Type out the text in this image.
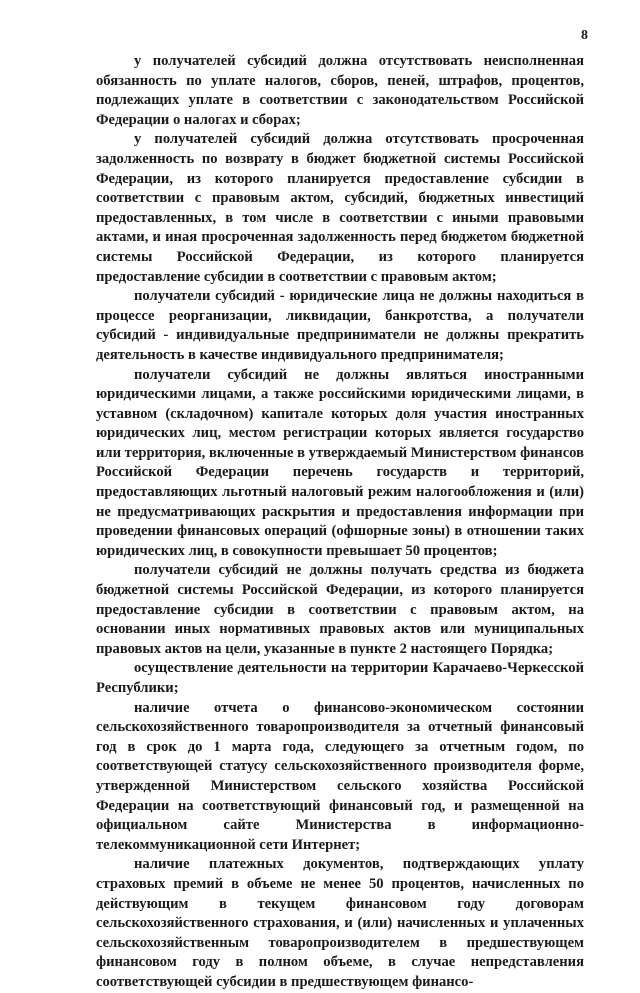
8

у получателей субсидий должна отсутствовать неисполненная обязанность по уплате налогов, сборов, пеней, штрафов, процентов, подлежащих уплате в соответствии с законодательством Российской Федерации о налогах и сборах;

у получателей субсидий должна отсутствовать просроченная задолженность по возврату в бюджет бюджетной системы Российской Федерации, из которого планируется предоставление субсидии в соответствии с правовым актом, субсидий, бюджетных инвестиций предоставленных, в том числе в соответствии с иными правовыми актами, и иная просроченная задолженность перед бюджетом бюджетной системы Российской Федерации, из которого планируется предоставление субсидии в соответствии с правовым актом;

получатели субсидий - юридические лица не должны находиться в процессе реорганизации, ликвидации, банкротства, а получатели субсидий - индивидуальные предприниматели не должны прекратить деятельность в качестве индивидуального предпринимателя;

получатели субсидий не должны являться иностранными юридическими лицами, а также российскими юридическими лицами, в уставном (складочном) капитале которых доля участия иностранных юридических лиц, местом регистрации которых является государство или территория, включенные в утверждаемый Министерством финансов Российской Федерации перечень государств и территорий, предоставляющих льготный налоговый режим налогообложения и (или) не предусматривающих раскрытия и предоставления информации при проведении финансовых операций (офшорные зоны) в отношении таких юридических лиц, в совокупности превышает 50 процентов;

получатели субсидий не должны получать средства из бюджета бюджетной системы Российской Федерации, из которого планируется предоставление субсидии в соответствии с правовым актом, на основании иных нормативных правовых актов или муниципальных правовых актов на цели, указанные в пункте 2 настоящего Порядка;

осуществление деятельности на территории Карачаево-Черкесской Республики;

наличие отчета о финансово-экономическом состоянии сельскохозяйственного товаропроизводителя за отчетный финансовый год в срок до 1 марта года, следующего за отчетным годом, по соответствующей статусу сельскохозяйственного производителя форме, утвержденной Министерством сельского хозяйства Российской Федерации на соответствующий финансовый год, и размещенной на официальном сайте Министерства в информационно-телекоммуникационной сети Интернет;

наличие платежных документов, подтверждающих уплату страховых премий в объеме не менее 50 процентов, начисленных по действующим в текущем финансовом году договорам сельскохозяйственного страхования, и (или) начисленных и уплаченных сельскохозяйственным товаропроизводителем в предшествующем финансовом году в полном объеме, в случае непредставления соответствующей субсидии в предшествующем финансо-
